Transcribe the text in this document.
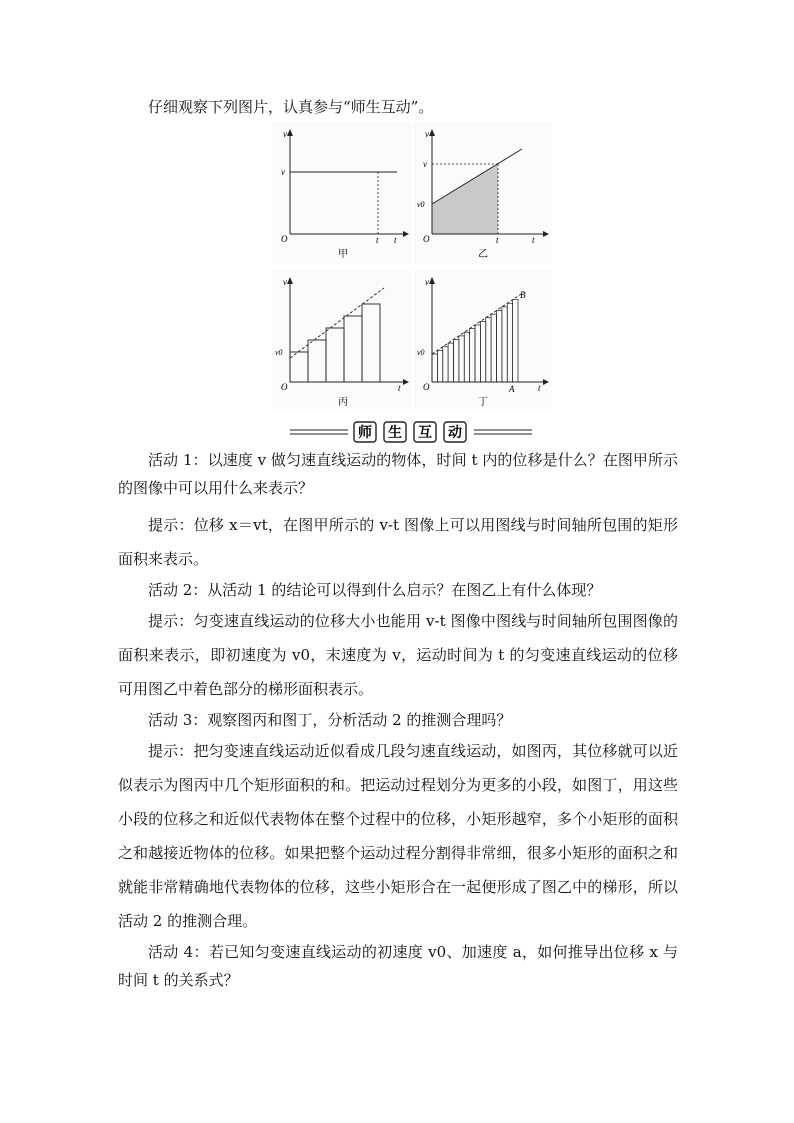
仔细观察下列图片，认真参与“师生互动”。
v
v
O	t t
甲
v
v
v0
O	t	t
乙
v
v0
O	t
丙
v
v0
B
A
O	t
丁
师 生 互 动

活动 1：以速度 v 做匀速直线运动的物体，时间 t 内的位移是什么？在图甲所示的图像中可以用什么来表示？

提示：位移 x＝vt，在图甲所示的 v-t 图像上可以用图线与时间轴所包围的矩形面积来表示。

活动 2：从活动 1 的结论可以得到什么启示？在图乙上有什么体现？

提示：匀变速直线运动的位移大小也能用 v-t 图像中图线与时间轴所包围图像的面积来表示，即初速度为 v0，末速度为 v，运动时间为 t 的匀变速直线运动的位移可用图乙中着色部分的梯形面积表示。

活动 3：观察图丙和图丁，分析活动 2 的推测合理吗？

提示：把匀变速直线运动近似看成几段匀速直线运动，如图丙，其位移就可以近似表示为图丙中几个矩形面积的和。把运动过程划分为更多的小段，如图丁，用这些小段的位移之和近似代表物体在整个过程中的位移，小矩形越窄，多个小矩形的面积之和越接近物体的位移。如果把整个运动过程分割得非常细，很多小矩形的面积之和就能非常精确地代表物体的位移，这些小矩形合在一起便形成了图乙中的梯形，所以活动 2 的推测合理。

活动 4：若已知匀变速直线运动的初速度 v0、加速度 a，如何推导出位移 x 与时间 t 的关系式？
